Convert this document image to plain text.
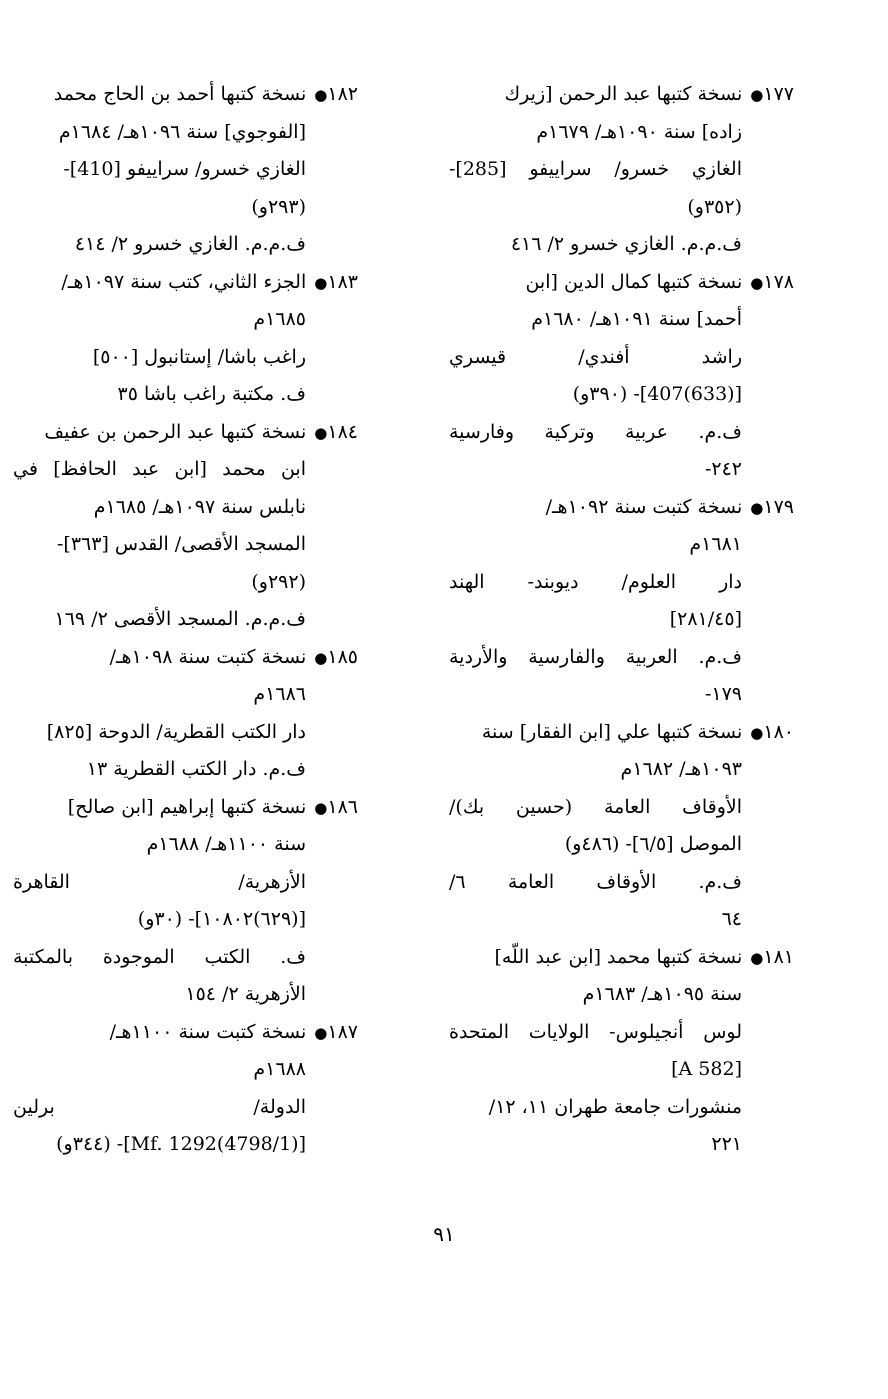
١٧٧● نسخة كتبها عبد الرحمن [زيرك
زاده] سنة ١٠٩٠هـ/ ١٦٧٩م
الغازي خسرو/ سراييفو [285]-
(٣٥٢و)
ف.م.م. الغازي خسرو ٢/ ٤١٦
١٧٨● نسخة كتبها كمال الدين [ابن
أحمد] سنة ١٠٩١هـ/ ١٦٨٠م
راشد أفندي/ قيسري
[(633)407]- (٣٩٠و)
ف.م. عربية وتركية وفارسية
٢٤٢-
١٧٩● نسخة كتبت سنة ١٠٩٢هـ/
١٦٨١م
دار العلوم/ ديوبند- الهند
[٢٨١/٤٥]
ف.م. العربية والفارسية والأردية
١٧٩-
١٨٠● نسخة كتبها علي [ابن الفقار] سنة
١٠٩٣هـ/ ١٦٨٢م
الأوقاف العامة (حسين بك)/
الموصل [٦/٥]- (٤٨٦و)
ف.م. الأوقاف العامة ٦/
٦٤
١٨١● نسخة كتبها محمد [ابن عبد اللّه]
سنة ١٠٩٥هـ/ ١٦٨٣م
لوس أنجيلوس- الولايات المتحدة
[A 582]
منشورات جامعة طهران ١١، ١٢/
٢٢١
١٨٢● نسخة كتبها أحمد بن الحاج محمد
[الفوجوي] سنة ١٠٩٦هـ/ ١٦٨٤م
الغازي خسرو/ سراييفو [410]-
(٢٩٣و)
ف.م.م. الغازي خسرو ٢/ ٤١٤
١٨٣● الجزء الثاني، كتب سنة ١٠٩٧هـ/
١٦٨٥م
راغب باشا/ إستانبول [٥٠٠]
ف. مكتبة راغب باشا ٣٥
١٨٤● نسخة كتبها عبد الرحمن بن عفيف
ابن محمد [ابن عبد الحافظ] في
نابلس سنة ١٠٩٧هـ/ ١٦٨٥م
المسجد الأقصى/ القدس [٣٦٣]-
(٢٩٢و)
ف.م.م. المسجد الأقصى ٢/ ١٦٩
١٨٥● نسخة كتبت سنة ١٠٩٨هـ/
١٦٨٦م
دار الكتب القطرية/ الدوحة [٨٢٥]
ف.م. دار الكتب القطرية ١٣
١٨٦● نسخة كتبها إبراهيم [ابن صالح]
سنة ١١٠٠هـ/ ١٦٨٨م
الأزهرية/ القاهرة
[(٦٢٩)١٠٨٠٢]- (٣٠و)
ف. الكتب الموجودة بالمكتبة
الأزهرية ٢/ ١٥٤
١٨٧● نسخة كتبت سنة ١١٠٠هـ/
١٦٨٨م
الدولة/ برلين
[(4798/1)Mf. 1292]- (٣٤٤و)
٩١
